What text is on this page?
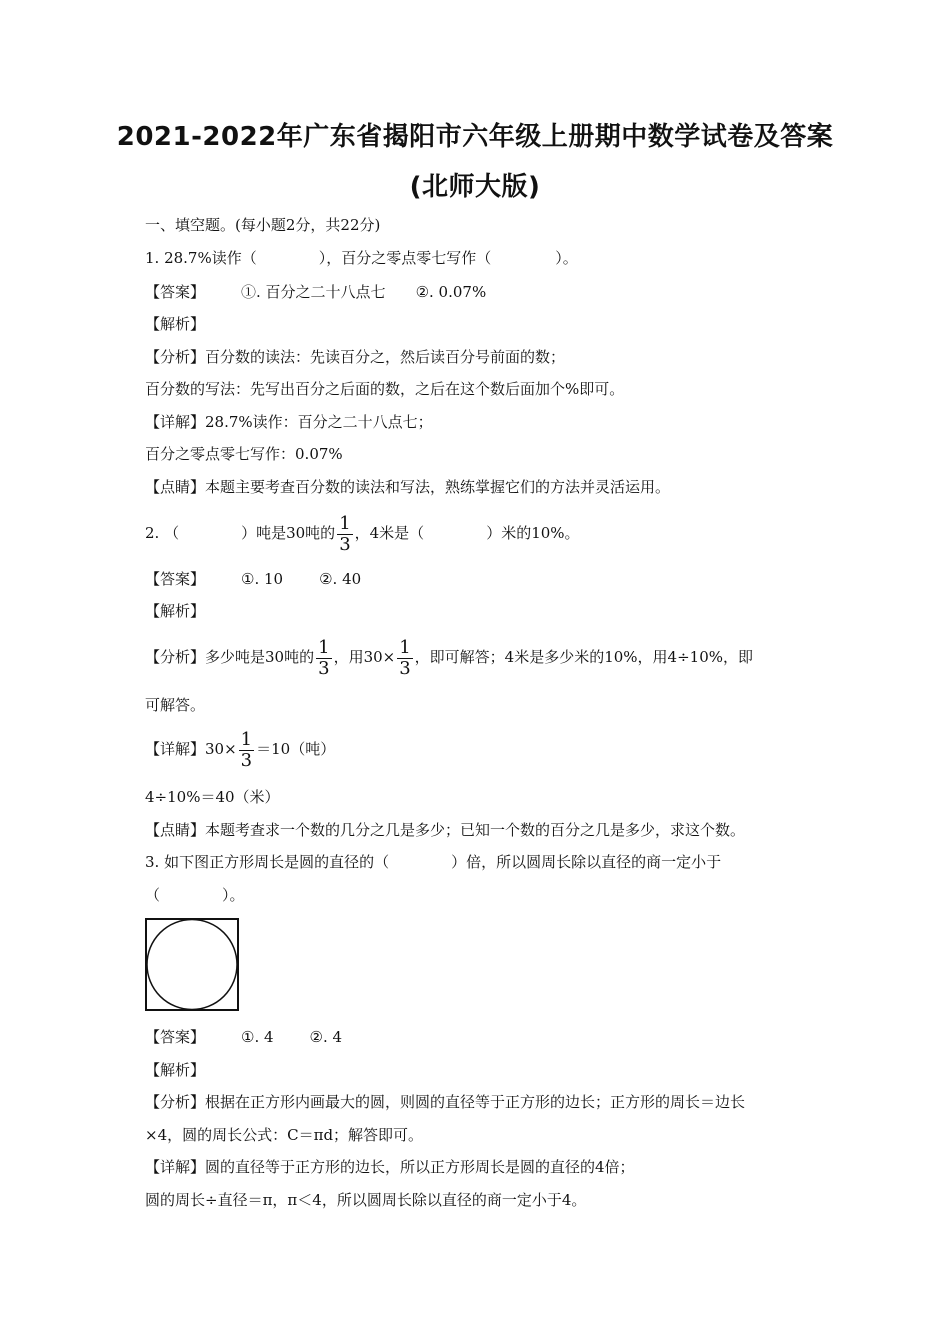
2021-2022年广东省揭阳市六年级上册期中数学试卷及答案
(北师大版)
一、填空题。(每小题2分，共22分)
1. 28.7%读作（	），百分之零点零七写作（	）。
【答案】 ①. 百分之二十八点七 ②. 0.07%
【解析】
【分析】百分数的读法：先读百分之，然后读百分号前面的数；
百分数的写法：先写出百分之后面的数，之后在这个数后面加个%即可。
【详解】28.7%读作：百分之二十八点七；
百分之零点零七写作：0.07%
【点睛】本题主要考查百分数的读法和写法，熟练掌握它们的方法并灵活运用。
2. （	）吨是30吨的 $\frac{1}{3}$ ，4米是（	）米的10%。
【答案】 ①. 10 ②. 40
【解析】
【分析】多少吨是30吨的 $\frac{1}{3}$ ，用$30\times \frac{1}{3}$ ，即可解答；4米是多少米的10%，用4÷10%，即
可解答。
【详解】$30\times \frac{1}{3} =10$（吨）
4÷10%＝40（米）
【点睛】本题考查求一个数的几分之几是多少；已知一个数的百分之几是多少，求这个数。
3. 如下图正方形周长是圆的直径的（	）倍，所以圆周长除以直径的商一定小于
（	）。
【答案】 ①. 4 ②. 4
【解析】
【分析】根据在正方形内画最大的圆，则圆的直径等于正方形的边长；正方形的周长＝边长
×4，圆的周长公式：C＝πd；解答即可。
【详解】圆的直径等于正方形的边长，所以正方形周长是圆的直径的4倍；
圆的周长÷直径＝π，π＜4，所以圆周长除以直径的商一定小于4。
